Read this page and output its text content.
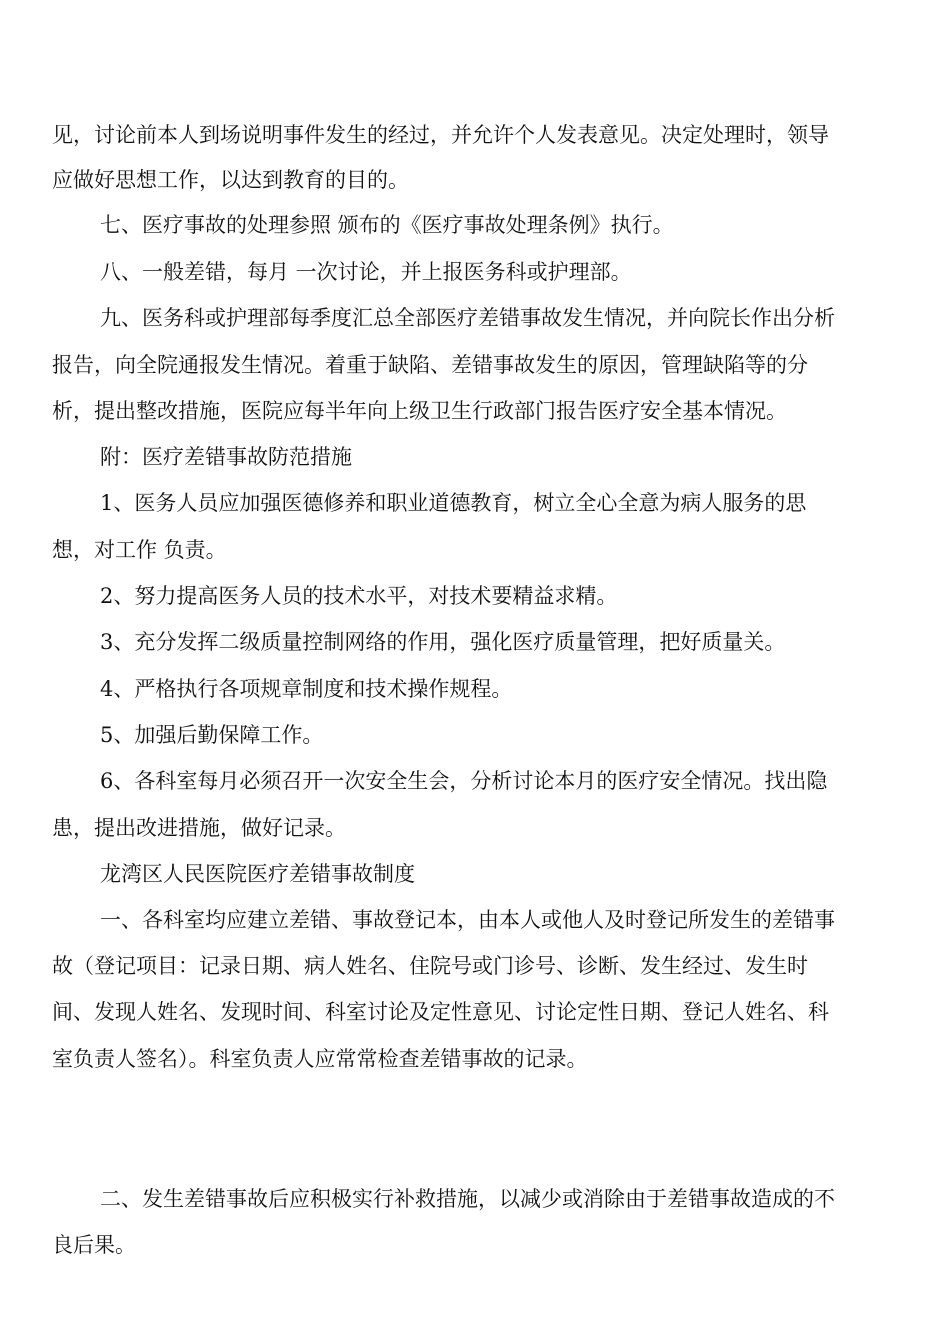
见，讨论前本人到场说明事件发生的经过，并允许个人发表意见。决定处理时，领导
应做好思想工作，以达到教育的目的。
七、医疗事故的处理参照 颁布的《医疗事故处理条例》执行。
八、一般差错，每月 一次讨论，并上报医务科或护理部。
九、医务科或护理部每季度汇总全部医疗差错事故发生情况，并向院长作出分析
报告，向全院通报发生情况。着重于缺陷、差错事故发生的原因，管理缺陷等的分
析，提出整改措施，医院应每半年向上级卫生行政部门报告医疗安全基本情况。
附：医疗差错事故防范措施
1、医务人员应加强医德修养和职业道德教育，树立全心全意为病人服务的思
想，对工作 负责。
2、努力提高医务人员的技术水平，对技术要精益求精。
3、充分发挥二级质量控制网络的作用，强化医疗质量管理，把好质量关。
4、严格执行各项规章制度和技术操作规程。
5、加强后勤保障工作。
6、各科室每月必须召开一次安全生会，分析讨论本月的医疗安全情况。找出隐
患，提出改进措施，做好记录。
龙湾区人民医院医疗差错事故制度
一、各科室均应建立差错、事故登记本，由本人或他人及时登记所发生的差错事
故（登记项目：记录日期、病人姓名、住院号或门诊号、诊断、发生经过、发生时
间、发现人姓名、发现时间、科室讨论及定性意见、讨论定性日期、登记人姓名、科
室负责人签名）。科室负责人应常常检查差错事故的记录。
二、发生差错事故后应积极实行补救措施，以减少或消除由于差错事故造成的不
良后果。
